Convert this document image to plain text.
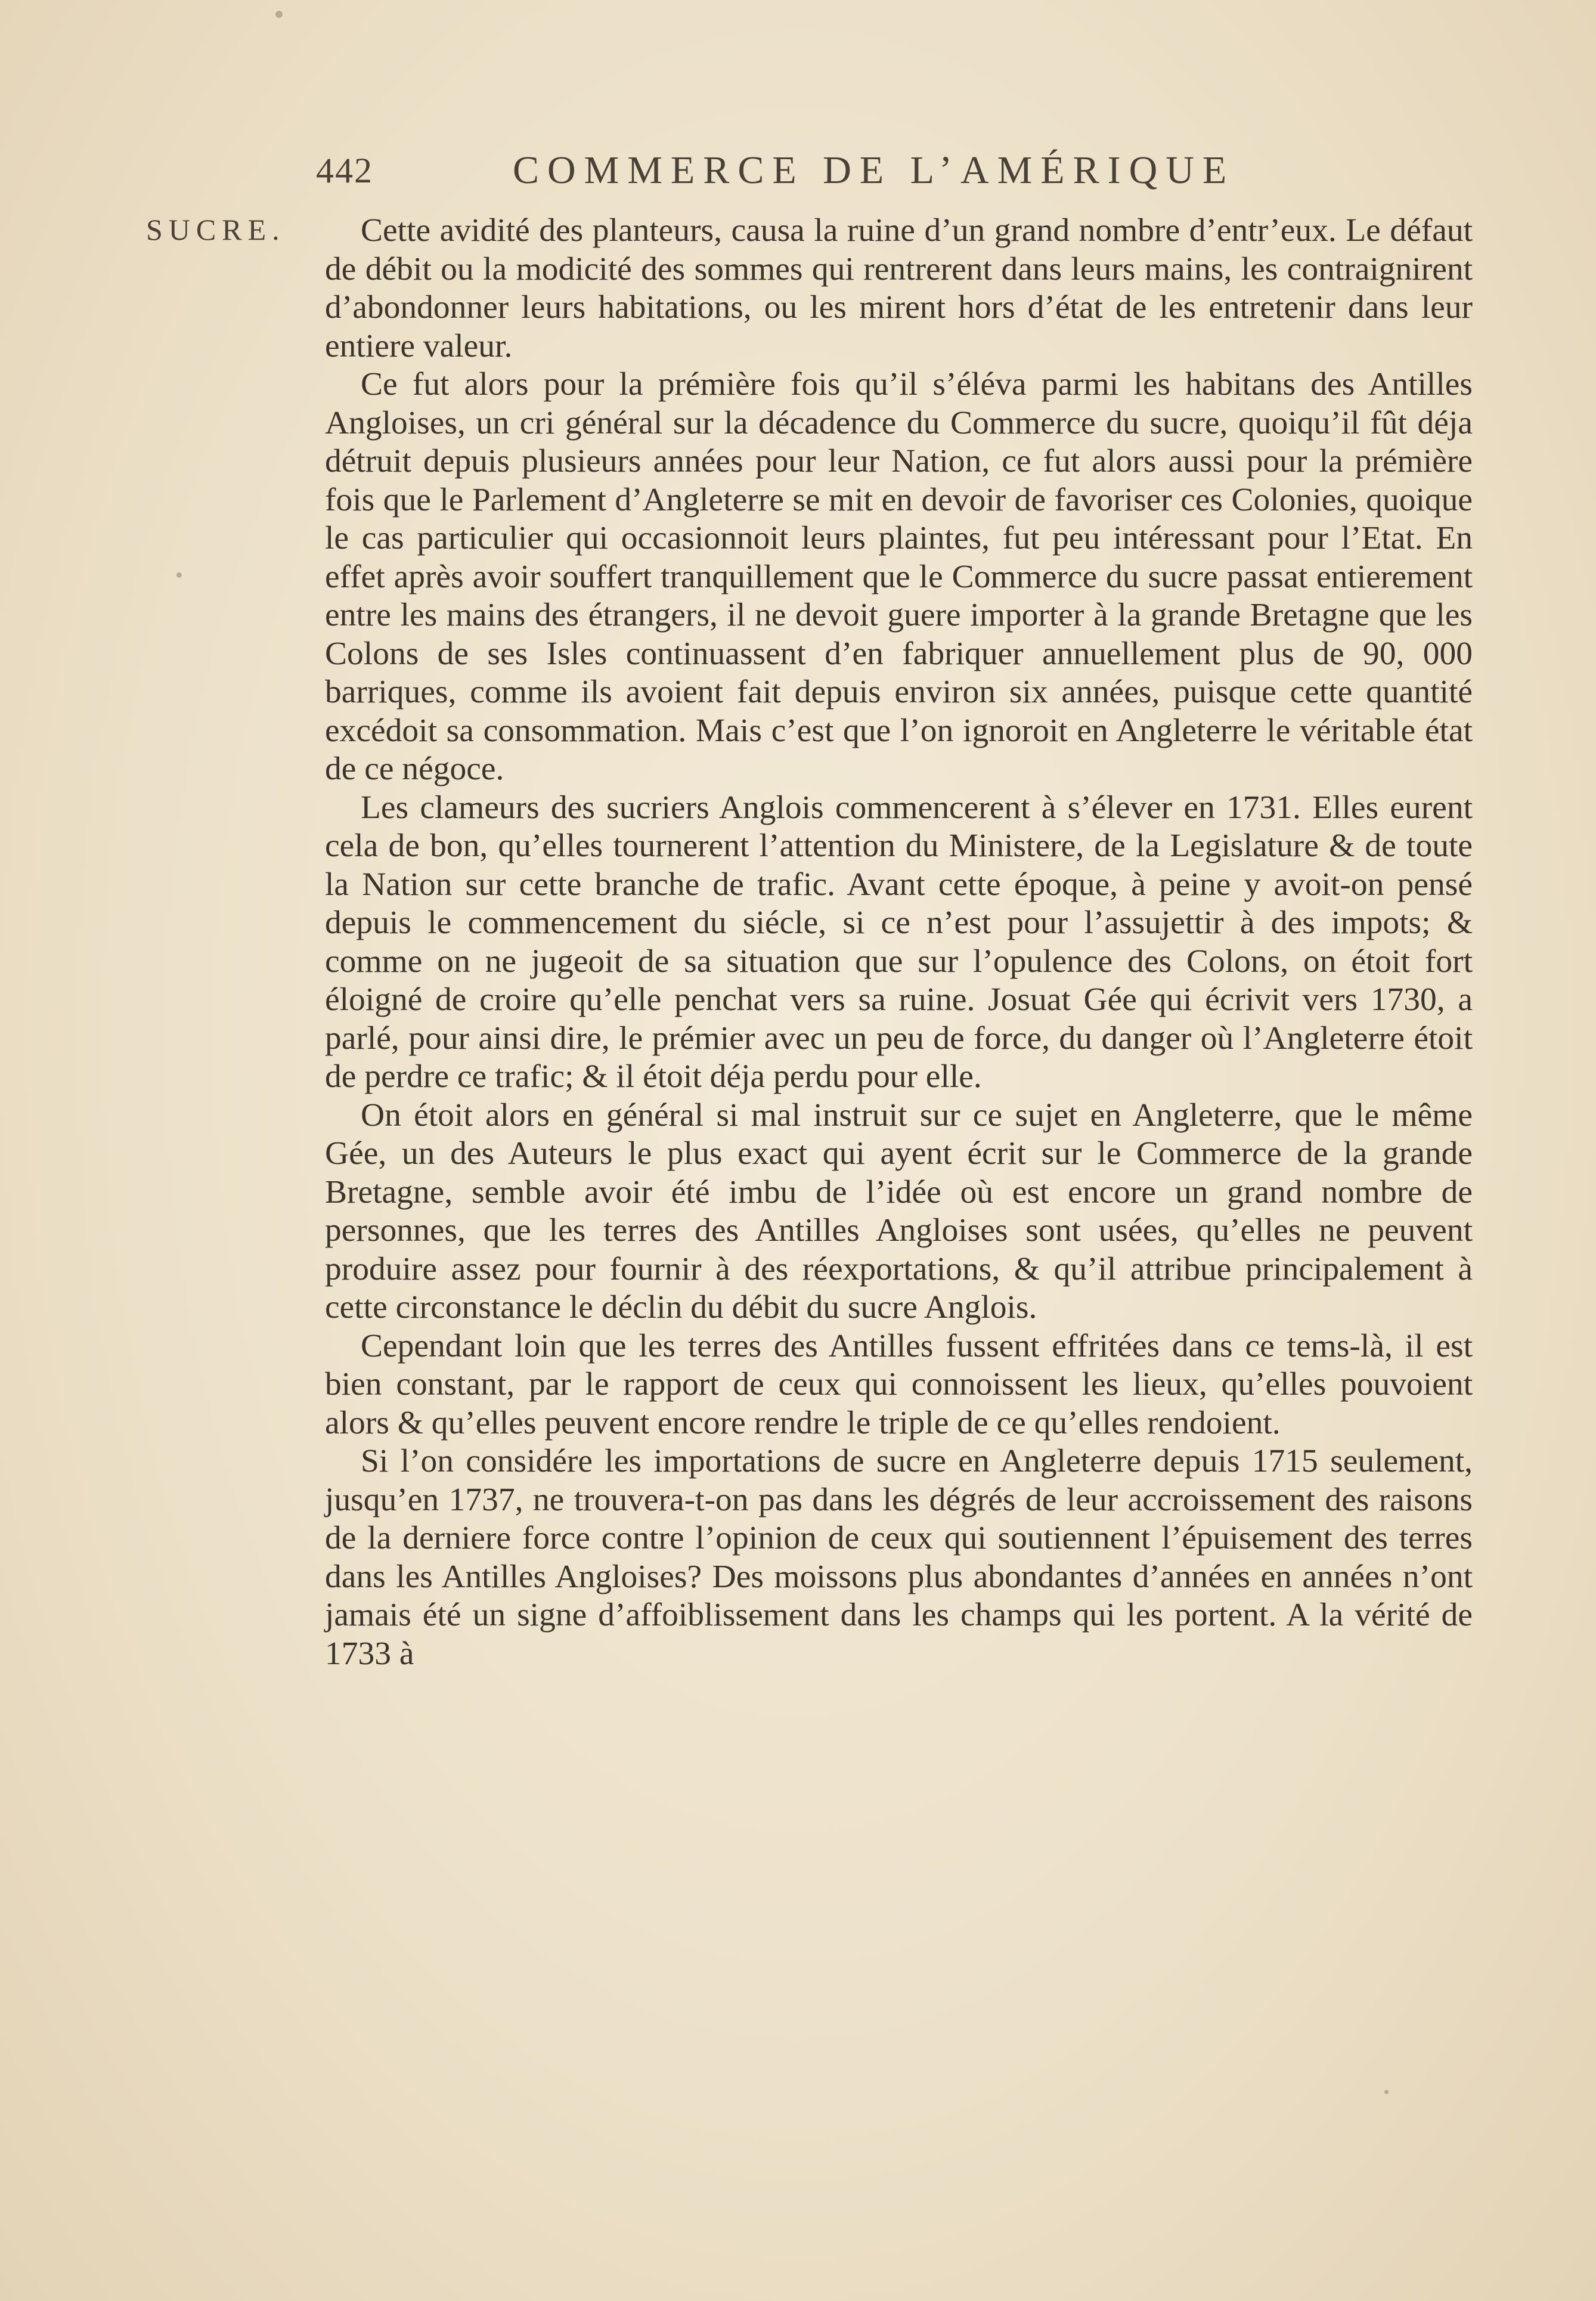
442	COMMERCE DE L’AMÉRIQUE
SUCRE.	Cette avidité des planteurs, causa la ruine d’un grand nombre d’entr’eux. Le défaut de débit ou la modicité des sommes qui rentrerent dans leurs mains, les contraignirent d’abondonner leurs habitations, ou les mirent hors d’état de les entretenir dans leur entiere valeur.

Ce fut alors pour la prémière fois qu’il s’éléva parmi les habitans des Antilles Angloises, un cri général sur la décadence du Commerce du sucre, quoiqu’il fût déja détruit depuis plusieurs années pour leur Nation, ce fut alors aussi pour la prémière fois que le Parlement d’Angleterre se mit en devoir de favoriser ces Colonies, quoique le cas particulier qui occasionnoit leurs plaintes, fut peu intéressant pour l’Etat. En effet après avoir souffert tranquillement que le Commerce du sucre passat entierement entre les mains des étrangers, il ne devoit guere importer à la grande Bretagne que les Colons de ses Isles continuassent d’en fabriquer annuellement plus de 90, 000 barriques, comme ils avoient fait depuis environ six années, puisque cette quantité excédoit sa consommation. Mais c’est que l’on ignoroit en Angleterre le véritable état de ce négoce.

Les clameurs des sucriers Anglois commencerent à s’élever en 1731. Elles eurent cela de bon, qu’elles tournerent l’attention du Ministere, de la Legislature & de toute la Nation sur cette branche de trafic. Avant cette époque, à peine y avoit-on pensé depuis le commencement du siécle, si ce n’est pour l’assujettir à des impots; & comme on ne jugeoit de sa situation que sur l’opulence des Colons, on étoit fort éloigné de croire qu’elle penchat vers sa ruine. Josuat Gée qui écrivit vers 1730, a parlé, pour ainsi dire, le prémier avec un peu de force, du danger où l’Angleterre étoit de perdre ce trafic; & il étoit déja perdu pour elle.

On étoit alors en général si mal instruit sur ce sujet en Angleterre, que le même Gée, un des Auteurs le plus exact qui ayent écrit sur le Commerce de la grande Bretagne, semble avoir été imbu de l’idée où est encore un grand nombre de personnes, que les terres des Antilles Angloises sont usées, qu’elles ne peuvent produire assez pour fournir à des réexportations, & qu’il attribue principalement à cette circonstance le déclin du débit du sucre Anglois.

Cependant loin que les terres des Antilles fussent effritées dans ce tems-là, il est bien constant, par le rapport de ceux qui connoissent les lieux, qu’elles pouvoient alors & qu’elles peuvent encore rendre le triple de ce qu’elles rendoient.

Si l’on considére les importations de sucre en Angleterre depuis 1715 seulement, jusqu’en 1737, ne trouvera-t-on pas dans les dégrés de leur accroissement des raisons de la derniere force contre l’opinion de ceux qui soutiennent l’épuisement des terres dans les Antilles Angloises? Des moissons plus abondantes d’années en années n’ont jamais été un signe d’affoiblissement dans les champs qui les portent. A la vérité de 1733 à
